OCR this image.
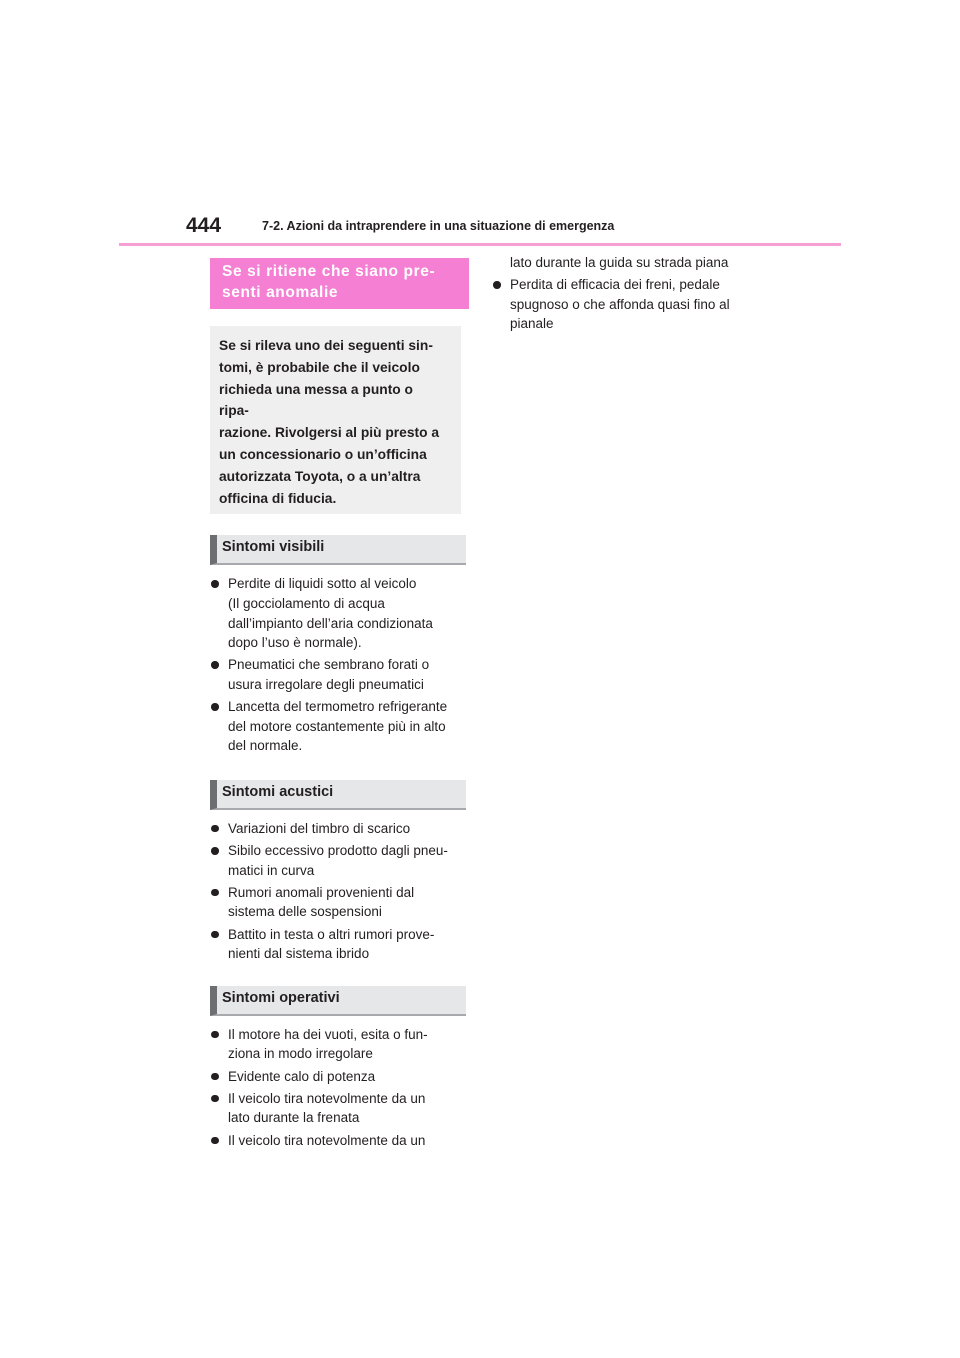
444	7-2. Azioni da intraprendere in una situazione di emergenza
Se si ritiene che siano pre-
senti anomalie
Se si rileva uno dei seguenti sin-
tomi, è probabile che il veicolo
richieda una messa a punto o ripa-
razione. Rivolgersi al più presto a
un concessionario o un’officina
autorizzata Toyota, o a un’altra
officina di fiducia.
Sintomi visibili
Perdite di liquidi sotto al veicolo
(Il gocciolamento di acqua
dall’impianto dell’aria condizionata
dopo l’uso è normale).
Pneumatici che sembrano forati o
usura irregolare degli pneumatici
Lancetta del termometro refrigerante
del motore costantemente più in alto
del normale.
Sintomi acustici
Variazioni del timbro di scarico
Sibilo eccessivo prodotto dagli pneu-
matici in curva
Rumori anomali provenienti dal
sistema delle sospensioni
Battito in testa o altri rumori prove-
nienti dal sistema ibrido
Sintomi operativi
Il motore ha dei vuoti, esita o fun-
ziona in modo irregolare
Evidente calo di potenza
Il veicolo tira notevolmente da un
lato durante la frenata
Il veicolo tira notevolmente da un
lato durante la guida su strada piana
Perdita di efficacia dei freni, pedale
spugnoso o che affonda quasi fino al
pianale
